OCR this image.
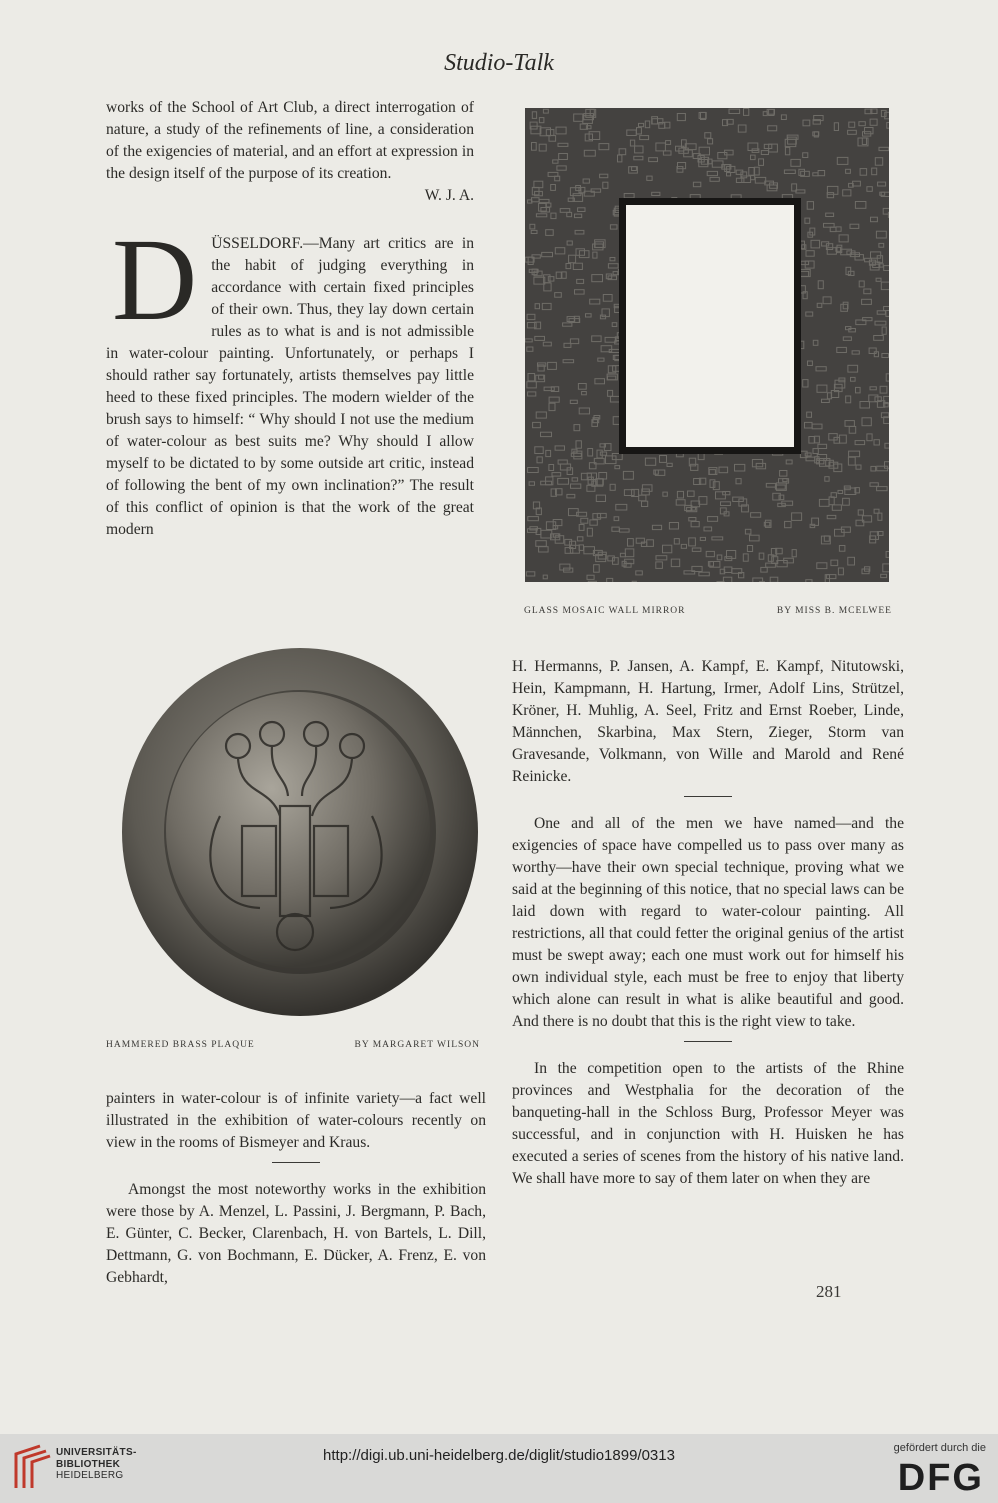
Studio-Talk

works of the School of Art Club, a direct interrogation of nature, a study of the refinements of line, a consideration of the exigencies of material, and an effort at expression in the design itself of the purpose of its creation.

W. J. A.

D ÜSSELDORF.—Many art critics are in the habit of judging everything in accordance with certain fixed principles of their own. Thus, they lay down certain rules as to what is and is not admissible in water-colour painting. Unfortunately, or perhaps I should rather say fortunately, artists themselves pay little heed to these fixed principles. The modern wielder of the brush says to himself: “ Why should I not use the medium of water-colour as best suits me? Why should I allow myself to be dictated to by some outside art critic, instead of following the bent of my own inclination?” The result of this conflict of opinion is that the work of the great modern

GLASS MOSAIC WALL MIRROR	BY MISS B. MCELWEE
HAMMERED BRASS PLAQUE	BY MARGARET WILSON

painters in water-colour is of infinite variety—a fact well illustrated in the exhibition of water-colours recently on view in the rooms of Bismeyer and Kraus.

Amongst the most noteworthy works in the exhibition were those by A. Menzel, L. Passini, J. Bergmann, P. Bach, E. Günter, C. Becker, Clarenbach, H. von Bartels, L. Dill, Dettmann, G. von Bochmann, E. Dücker, A. Frenz, E. von Gebhardt,

H. Hermanns, P. Jansen, A. Kampf, E. Kampf, Nitutowski, Hein, Kampmann, H. Hartung, Irmer, Adolf Lins, Strützel, Kröner, H. Muhlig, A. Seel, Fritz and Ernst Roeber, Linde, Männchen, Skarbina, Max Stern, Zieger, Storm van Gravesande, Volkmann, von Wille and Marold and René Reinicke.

One and all of the men we have named—and the exigencies of space have compelled us to pass over many as worthy—have their own special technique, proving what we said at the beginning of this notice, that no special laws can be laid down with regard to water-colour painting. All restrictions, all that could fetter the original genius of the artist must be swept away; each one must work out for himself his own individual style, each must be free to enjoy that liberty which alone can result in what is alike beautiful and good. And there is no doubt that this is the right view to take.

In the competition open to the artists of the Rhine provinces and Westphalia for the decoration of the banqueting-hall in the Schloss Burg, Professor Meyer was successful, and in conjunction with H. Huisken he has executed a series of scenes from the history of his native land. We shall have more to say of them later on when they are

281
UNIVERSITÄTS-
BIBLIOTHEK
HEIDELBERG
http://digi.ub.uni-heidelberg.de/diglit/studio1899/0313	gefördert durch die
DFG
